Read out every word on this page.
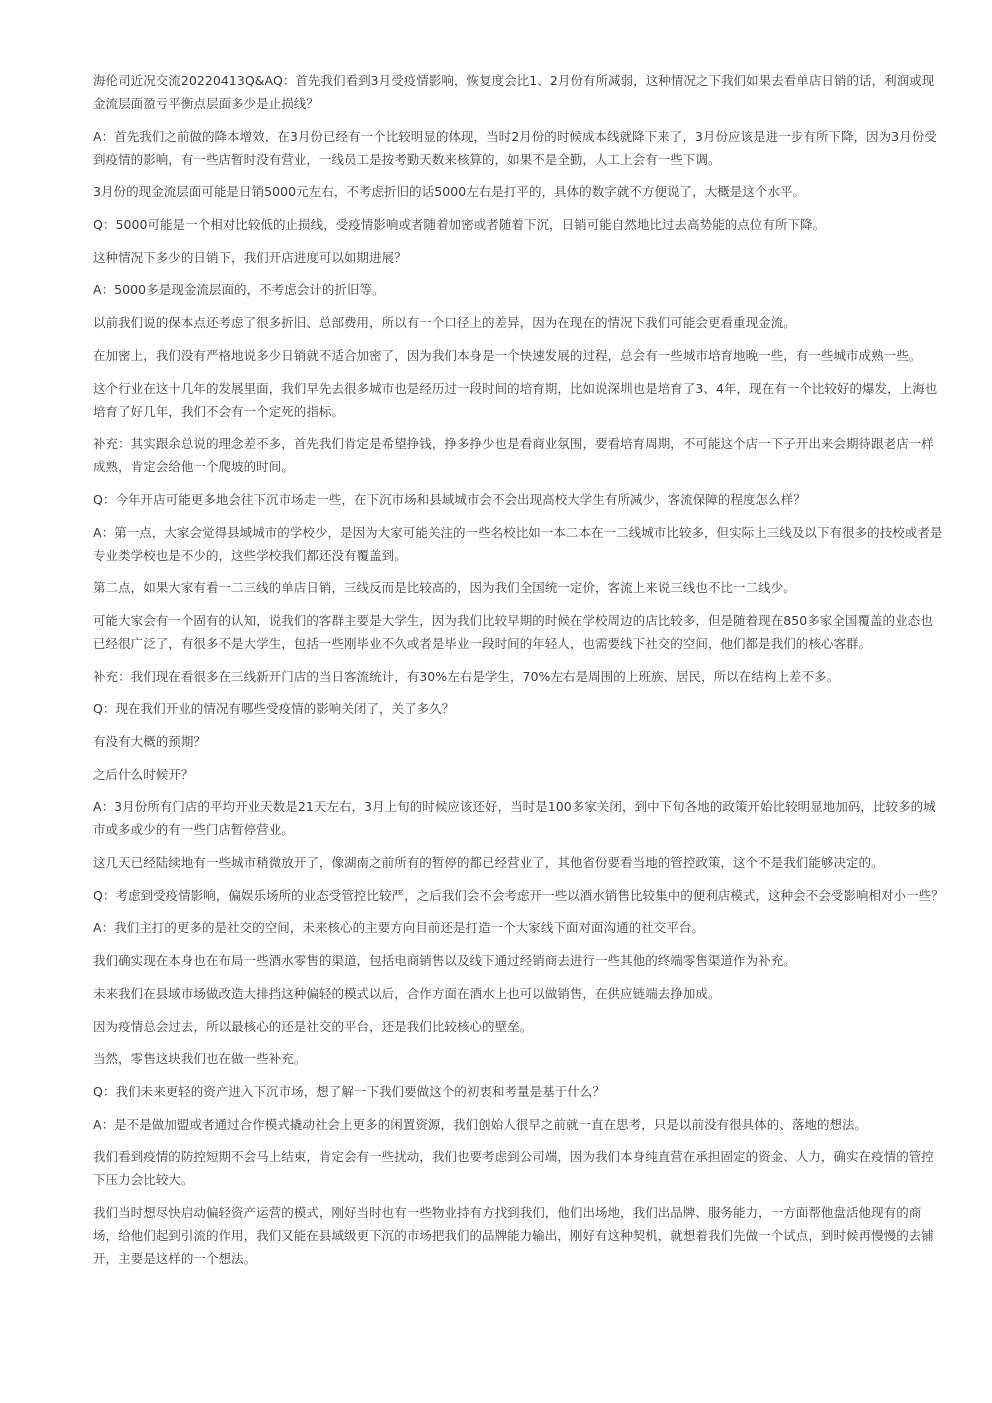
海伦司近况交流20220413Q&AQ：首先我们看到3月受疫情影响，恢复度会比1、2月份有所减弱，这种情况之下我们如果去看单店日销的话，利润或现金流层面盈亏平衡点层面多少是止损线？

A：首先我们之前做的降本增效，在3月份已经有一个比较明显的体现，当时2月份的时候成本线就降下来了，3月份应该是进一步有所下降，因为3月份受到疫情的影响，有一些店暂时没有营业，一线员工是按考勤天数来核算的，如果不是全勤，人工上会有一些下调。

3月份的现金流层面可能是日销5000元左右，不考虑折旧的话5000左右是打平的，具体的数字就不方便说了，大概是这个水平。

Q：5000可能是一个相对比较低的止损线，受疫情影响或者随着加密或者随着下沉，日销可能自然地比过去高势能的点位有所下降。

这种情况下多少的日销下，我们开店进度可以如期进展？

A：5000多是现金流层面的，不考虑会计的折旧等。

以前我们说的保本点还考虑了很多折旧、总部费用，所以有一个口径上的差异，因为在现在的情况下我们可能会更看重现金流。

在加密上，我们没有严格地说多少日销就不适合加密了，因为我们本身是一个快速发展的过程，总会有一些城市培育地晚一些，有一些城市成熟一些。

这个行业在这十几年的发展里面，我们早先去很多城市也是经历过一段时间的培育期，比如说深圳也是培育了3、4年，现在有一个比较好的爆发，上海也培育了好几年，我们不会有一个定死的指标。

补充：其实跟余总说的理念差不多，首先我们肯定是希望挣钱，挣多挣少也是看商业氛围，要看培育周期，不可能这个店一下子开出来会期待跟老店一样成熟，肯定会给他一个爬坡的时间。

Q：今年开店可能更多地会往下沉市场走一些，在下沉市场和县域城市会不会出现高校大学生有所减少，客流保障的程度怎么样？

A：第一点，大家会觉得县域城市的学校少，是因为大家可能关注的一些名校比如一本二本在一二线城市比较多，但实际上三线及以下有很多的技校或者是专业类学校也是不少的，这些学校我们都还没有覆盖到。

第二点，如果大家有看一二三线的单店日销，三线反而是比较高的，因为我们全国统一定价，客流上来说三线也不比一二线少。

可能大家会有一个固有的认知，说我们的客群主要是大学生，因为我们比较早期的时候在学校周边的店比较多，但是随着现在850多家全国覆盖的业态也已经很广泛了，有很多不是大学生，包括一些刚毕业不久或者是毕业一段时间的年轻人，也需要线下社交的空间，他们都是我们的核心客群。

补充：我们现在看很多在三线新开门店的当日客流统计，有30%左右是学生，70%左右是周围的上班族、居民，所以在结构上差不多。

Q：现在我们开业的情况有哪些受疫情的影响关闭了，关了多久？

有没有大概的预期？

之后什么时候开？

A：3月份所有门店的平均开业天数是21天左右，3月上旬的时候应该还好，当时是100多家关闭，到中下旬各地的政策开始比较明显地加码，比较多的城市或多或少的有一些门店暂停营业。

这几天已经陆续地有一些城市稍微放开了，像湖南之前所有的暂停的都已经营业了，其他省份要看当地的管控政策，这个不是我们能够决定的。

Q：考虑到受疫情影响，偏娱乐场所的业态受管控比较严，之后我们会不会考虑开一些以酒水销售比较集中的便利店模式，这种会不会受影响相对小一些？

A：我们主打的更多的是社交的空间，未来核心的主要方向目前还是打造一个大家线下面对面沟通的社交平台。

我们确实现在本身也在布局一些酒水零售的渠道，包括电商销售以及线下通过经销商去进行一些其他的终端零售渠道作为补充。

未来我们在县域市场做改造大排挡这种偏轻的模式以后，合作方面在酒水上也可以做销售，在供应链端去挣加成。

因为疫情总会过去，所以最核心的还是社交的平台，还是我们比较核心的壁垒。

当然，零售这块我们也在做一些补充。

Q：我们未来更轻的资产进入下沉市场，想了解一下我们要做这个的初衷和考量是基于什么？

A：是不是做加盟或者通过合作模式撬动社会上更多的闲置资源，我们创始人很早之前就一直在思考，只是以前没有很具体的、落地的想法。

我们看到疫情的防控短期不会马上结束，肯定会有一些扰动，我们也要考虑到公司端，因为我们本身纯直营在承担固定的资金、人力，确实在疫情的管控下压力会比较大。

我们当时想尽快启动偏轻资产运营的模式，刚好当时也有一些物业持有方找到我们，他们出场地，我们出品牌、服务能力，一方面帮他盘活他现有的商场，给他们起到引流的作用，我们又能在县域级更下沉的市场把我们的品牌能力输出，刚好有这种契机，就想着我们先做一个试点，到时候再慢慢的去铺开，主要是这样的一个想法。
